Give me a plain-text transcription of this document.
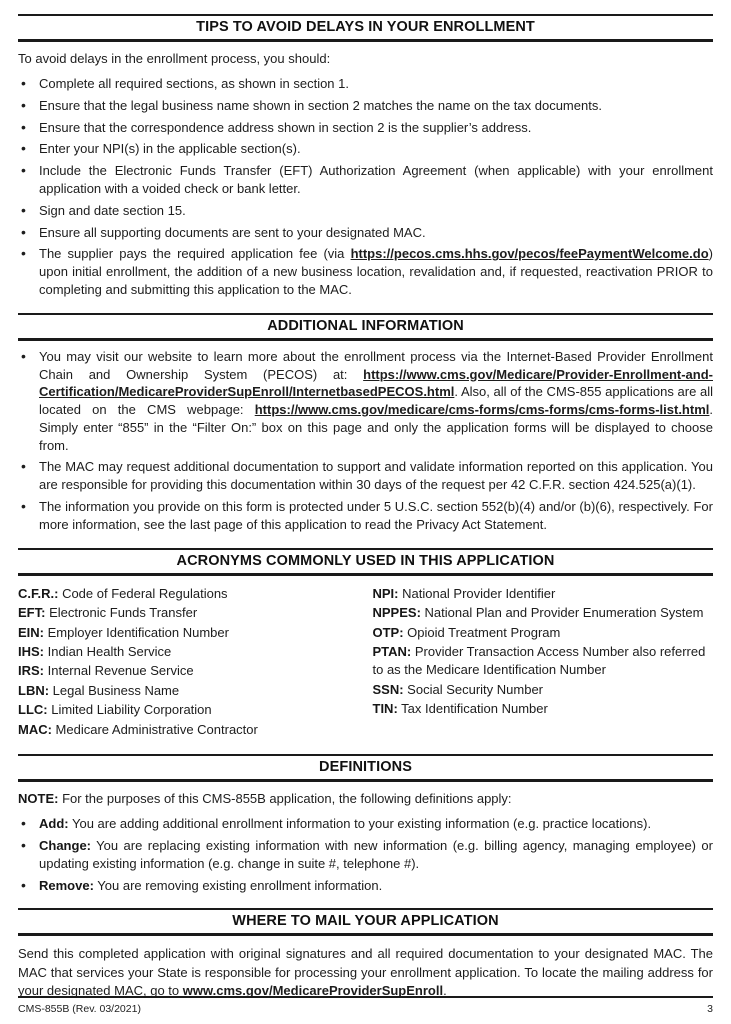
TIPS TO AVOID DELAYS IN YOUR ENROLLMENT

To avoid delays in the enrollment process, you should:

• Complete all required sections, as shown in section 1.
• Ensure that the legal business name shown in section 2 matches the name on the tax documents.
• Ensure that the correspondence address shown in section 2 is the supplier’s address.
• Enter your NPI(s) in the applicable section(s).
• Include the Electronic Funds Transfer (EFT) Authorization Agreement (when applicable) with your enrollment application with a voided check or bank letter.
• Sign and date section 15.
• Ensure all supporting documents are sent to your designated MAC.
• The supplier pays the required application fee (via https://pecos.cms.hhs.gov/pecos/feePaymentWelcome.do) upon initial enrollment, the addition of a new business location, revalidation and, if requested, reactivation PRIOR to completing and submitting this application to the MAC.
ADDITIONAL INFORMATION
• You may visit our website to learn more about the enrollment process via the Internet-Based Provider Enrollment Chain and Ownership System (PECOS) at: https://www.cms.gov/Medicare/Provider-Enrollment-and-Certification/MedicareProviderSupEnroll/InternetbasedPECOS.html. Also, all of the CMS-855 applications are all located on the CMS webpage: https://www.cms.gov/medicare/cms-forms/cms-forms/cms-forms-list.html. Simply enter “855” in the “Filter On:” box on this page and only the application forms will be displayed to choose from.
• The MAC may request additional documentation to support and validate information reported on this application. You are responsible for providing this documentation within 30 days of the request per 42 C.F.R. section 424.525(a)(1).
• The information you provide on this form is protected under 5 U.S.C. section 552(b)(4) and/or (b)(6), respectively. For more information, see the last page of this application to read the Privacy Act Statement.
ACRONYMS COMMONLY USED IN THIS APPLICATION
C.F.R.: Code of Federal Regulations
EFT: Electronic Funds Transfer
EIN: Employer Identification Number
IHS: Indian Health Service
IRS: Internal Revenue Service
LBN: Legal Business Name
LLC: Limited Liability Corporation
MAC: Medicare Administrative Contractor
NPI: National Provider Identifier
NPPES: National Plan and Provider Enumeration System
OTP: Opioid Treatment Program
PTAN: Provider Transaction Access Number also referred to as the Medicare Identification Number
SSN: Social Security Number
TIN: Tax Identification Number
DEFINITIONS

NOTE: For the purposes of this CMS-855B application, the following definitions apply:

• Add: You are adding additional enrollment information to your existing information (e.g. practice locations).
• Change: You are replacing existing information with new information (e.g. billing agency, managing employee) or updating existing information (e.g. change in suite #, telephone #).
• Remove: You are removing existing enrollment information.
WHERE TO MAIL YOUR APPLICATION

Send this completed application with original signatures and all required documentation to your designated MAC. The MAC that services your State is responsible for processing your enrollment application. To locate the mailing address for your designated MAC, go to www.cms.gov/MedicareProviderSupEnroll.

CMS-855B (Rev. 03/2021)	3
